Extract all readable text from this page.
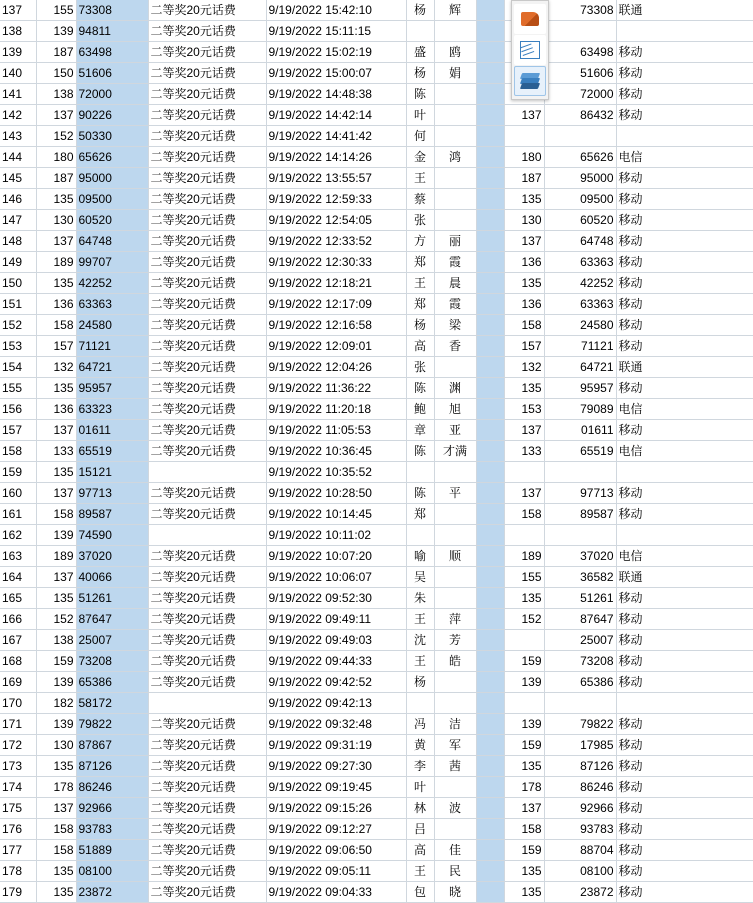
137	155	73308	二等奖20元话费	9/19/2022 15:42:10	杨	辉			73308	联通
138	139	94811	二等奖20元话费	9/19/2022 15:11:15						
139	187	63498	二等奖20元话费	9/19/2022 15:02:19	盛	鸥			63498	移动
140	150	51606	二等奖20元话费	9/19/2022 15:00:07	杨	娟			51606	移动
141	138	72000	二等奖20元话费	9/19/2022 14:48:38	陈				72000	移动
142	137	90226	二等奖20元话费	9/19/2022 14:42:14	叶			137	86432	移动
143	152	50330	二等奖20元话费	9/19/2022 14:41:42	何					
144	180	65626	二等奖20元话费	9/19/2022 14:14:26	金	鸿		180	65626	电信
145	187	95000	二等奖20元话费	9/19/2022 13:55:57	王			187	95000	移动
146	135	09500	二等奖20元话费	9/19/2022 12:59:33	蔡			135	09500	移动
147	130	60520	二等奖20元话费	9/19/2022 12:54:05	张			130	60520	移动
148	137	64748	二等奖20元话费	9/19/2022 12:33:52	方	丽		137	64748	移动
149	189	99707	二等奖20元话费	9/19/2022 12:30:33	郑	霞		136	63363	移动
150	135	42252	二等奖20元话费	9/19/2022 12:18:21	王	晨		135	42252	移动
151	136	63363	二等奖20元话费	9/19/2022 12:17:09	郑	霞		136	63363	移动
152	158	24580	二等奖20元话费	9/19/2022 12:16:58	杨	梁		158	24580	移动
153	157	71121	二等奖20元话费	9/19/2022 12:09:01	高	香		157	71121	移动
154	132	64721	二等奖20元话费	9/19/2022 12:04:26	张			132	64721	联通
155	135	95957	二等奖20元话费	9/19/2022 11:36:22	陈	渊		135	95957	移动
156	136	63323	二等奖20元话费	9/19/2022 11:20:18	鲍	旭		153	79089	电信
157	137	01611	二等奖20元话费	9/19/2022 11:05:53	章	亚		137	01611	移动
158	133	65519	二等奖20元话费	9/19/2022 10:36:45	陈	才满		133	65519	电信
159	135	15121		9/19/2022 10:35:52						
160	137	97713	二等奖20元话费	9/19/2022 10:28:50	陈	平		137	97713	移动
161	158	89587	二等奖20元话费	9/19/2022 10:14:45	郑			158	89587	移动
162	139	74590		9/19/2022 10:11:02						
163	189	37020	二等奖20元话费	9/19/2022 10:07:20	喻	顺		189	37020	电信
164	137	40066	二等奖20元话费	9/19/2022 10:06:07	吴			155	36582	联通
165	135	51261	二等奖20元话费	9/19/2022 09:52:30	朱			135	51261	移动
166	152	87647	二等奖20元话费	9/19/2022 09:49:11	王	萍		152	87647	移动
167	138	25007	二等奖20元话费	9/19/2022 09:49:03	沈	芳			25007	移动
168	159	73208	二等奖20元话费	9/19/2022 09:44:33	王	皓		159	73208	移动
169	139	65386	二等奖20元话费	9/19/2022 09:42:52	杨			139	65386	移动
170	182	58172		9/19/2022 09:42:13						
171	139	79822	二等奖20元话费	9/19/2022 09:32:48	冯	洁		139	79822	移动
172	130	87867	二等奖20元话费	9/19/2022 09:31:19	黄	军		159	17985	移动
173	135	87126	二等奖20元话费	9/19/2022 09:27:30	李	茜		135	87126	移动
174	178	86246	二等奖20元话费	9/19/2022 09:19:45	叶			178	86246	移动
175	137	92966	二等奖20元话费	9/19/2022 09:15:26	林	波		137	92966	移动
176	158	93783	二等奖20元话费	9/19/2022 09:12:27	吕			158	93783	移动
177	158	51889	二等奖20元话费	9/19/2022 09:06:50	高	佳		159	88704	移动
178	135	08100	二等奖20元话费	9/19/2022 09:05:11	王	民		135	08100	移动
179	135	23872	二等奖20元话费	9/19/2022 09:04:33	包	晓		135	23872	移动
